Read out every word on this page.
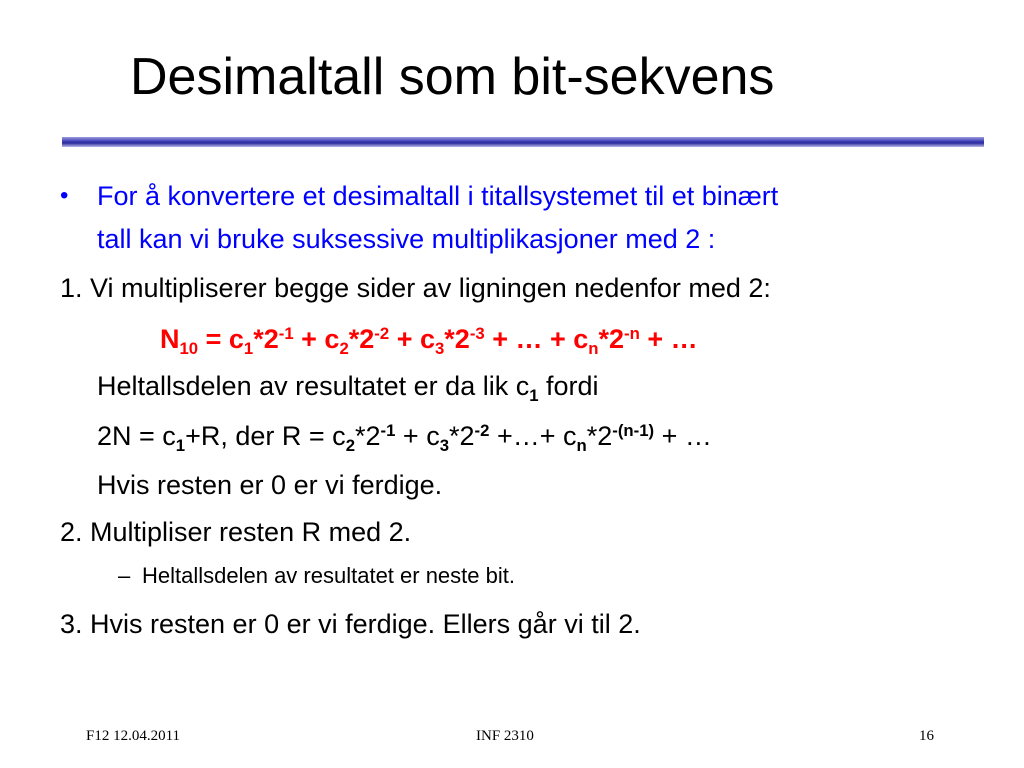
Desimaltall som bit-sekvens
• For å konvertere et desimaltall i titallsystemet til et binært
tall kan vi bruke suksessive multiplikasjoner med 2 :
1. Vi multipliserer begge sider av ligningen nedenfor med 2:
$N_{10} = c_1*2^{-1} + c_2*2^{-2} + c_3*2^{-3}$ + … + $c_n*2^{-n}$ + …
Heltallsdelen av resultatet er da lik $c_1$ fordi
$2N = c_1+R$, der $R = c_2*2^{-1} + c_3*2^{-2}$ +…+ $c_n*2^{-(n-1)}$ + …
Hvis resten er 0 er vi ferdige.
2. Multipliser resten R med 2.
– Heltallsdelen av resultatet er neste bit.
3. Hvis resten er 0 er vi ferdige. Ellers går vi til 2.
F12 12.04.2011	INF 2310	16
